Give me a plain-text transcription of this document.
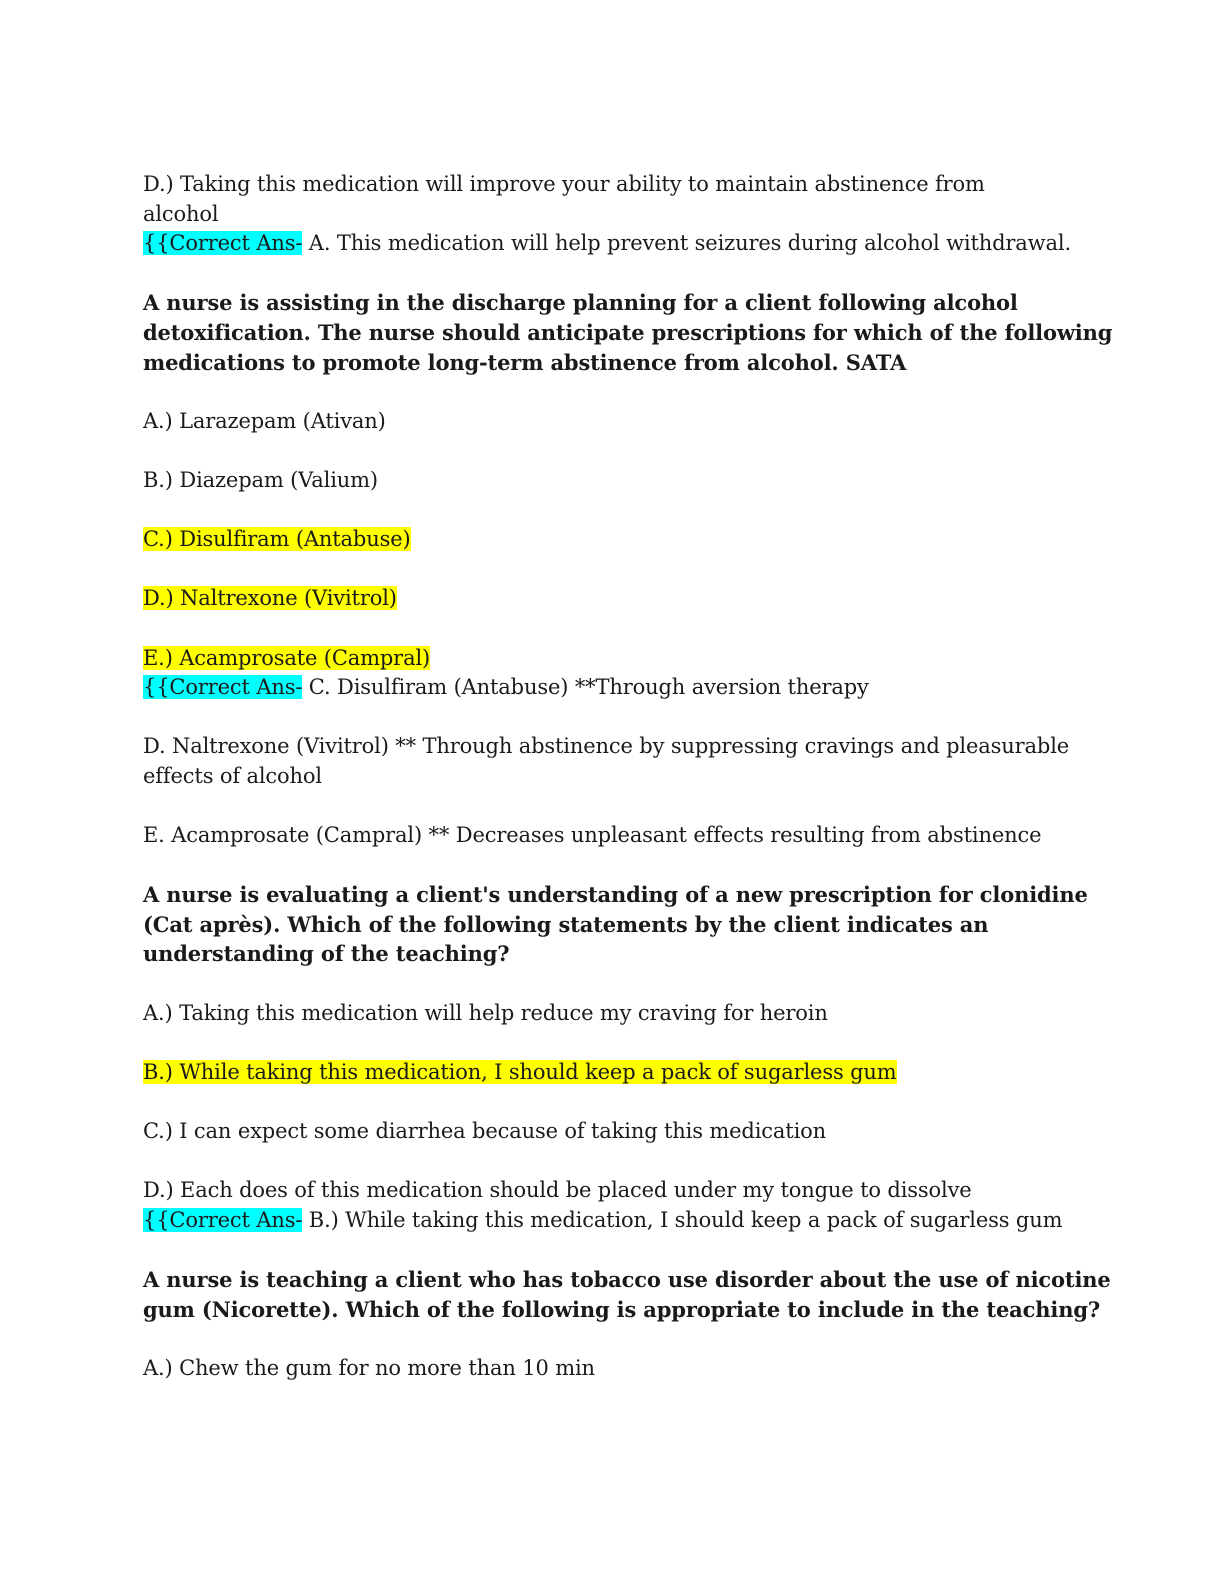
D.) Taking this medication will improve your ability to maintain abstinence from
alcohol
{{Correct Ans- A. This medication will help prevent seizures during alcohol withdrawal.
A nurse is assisting in the discharge planning for a client following alcohol
detoxification. The nurse should anticipate prescriptions for which of the following
medications to promote long-term abstinence from alcohol. SATA
A.) Larazepam (Ativan)
B.) Diazepam (Valium)
C.) Disulfiram (Antabuse)
D.) Naltrexone (Vivitrol)
E.) Acamprosate (Campral)
{{Correct Ans- C. Disulfiram (Antabuse) **Through aversion therapy
D. Naltrexone (Vivitrol) ** Through abstinence by suppressing cravings and pleasurable
effects of alcohol
E. Acamprosate (Campral) ** Decreases unpleasant effects resulting from abstinence
A nurse is evaluating a client's understanding of a new prescription for clonidine
(Cat après). Which of the following statements by the client indicates an
understanding of the teaching?
A.) Taking this medication will help reduce my craving for heroin
B.) While taking this medication, I should keep a pack of sugarless gum
C.) I can expect some diarrhea because of taking this medication
D.) Each does of this medication should be placed under my tongue to dissolve
{{Correct Ans- B.) While taking this medication, I should keep a pack of sugarless gum
A nurse is teaching a client who has tobacco use disorder about the use of nicotine
gum (Nicorette). Which of the following is appropriate to include in the teaching?
A.) Chew the gum for no more than 10 min
